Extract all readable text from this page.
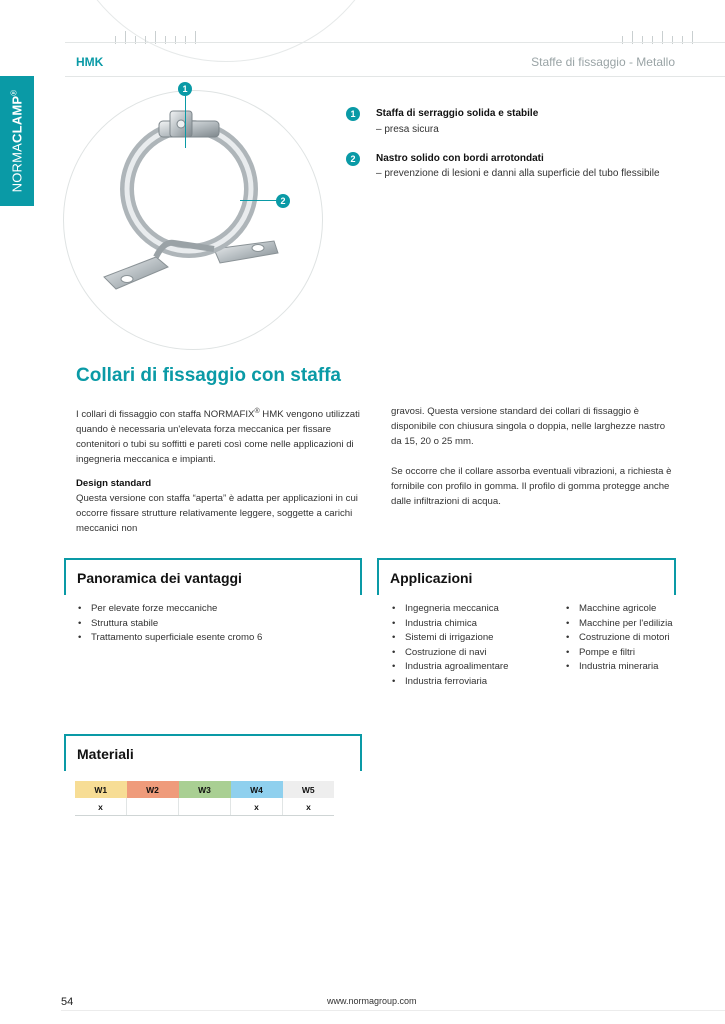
HMK	Staffe di fissaggio - Metallo
NORMACLAMP®	1
2
1	Staffa di serraggio solida e stabile
– presa sicura
2	Nastro solido con bordi arrotondati
– prevenzione di lesioni e danni alla superficie del tubo flessibile
Collari di fissaggio con staffa
I collari di fissaggio con staffa NORMAFIX® HMK vengono utilizzati quando è necessaria un'elevata forza meccanica per fissare contenitori o tubi su soffitti e pareti così come nelle applicazioni di ingegneria meccanica e impianti.
Design standard
Questa versione con staffa “aperta” è adatta per applicazioni in cui occorre fissare strutture relativamente leggere, soggette a carichi meccanici non
gravosi. Questa versione standard dei collari di fissaggio è disponibile con chiusura singola o doppia, nelle larghezze nastro da 15, 20 o 25 mm.
Se occorre che il collare assorba eventuali vibrazioni, a richiesta è fornibile con profilo in gomma. Il profilo di gomma protegge anche dalle infiltrazioni di acqua.
Panoramica dei vantaggi
• Per elevate forze meccaniche
• Struttura stabile
• Trattamento superficiale esente cromo 6
Applicazioni
• Ingegneria meccanica
• Industria chimica
• Sistemi di irrigazione
• Costruzione di navi
• Industria agroalimentare
• Industria ferroviaria
• Macchine agricole
• Macchine per l'edilizia
• Costruzione di motori
• Pompe e filtri
• Industria mineraria
Materiali
W1	W2	W3	W4	W5
x			x	x
54	www.normagroup.com
